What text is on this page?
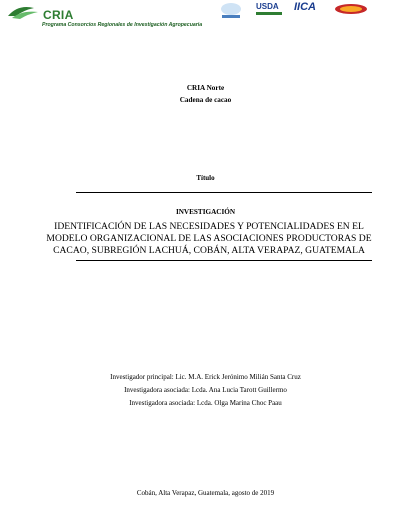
CRIA
Programa Consorcios Regionales de Investigación Agropecuaria
USDA	IICA
CRIA Norte
Cadena de cacao
Título
INVESTIGACIÓN
IDENTIFICACIÓN DE LAS NECESIDADES Y POTENCIALIDADES EN EL
MODELO ORGANIZACIONAL DE LAS ASOCIACIONES PRODUCTORAS DE
CACAO, SUBREGIÓN LACHUÁ, COBÁN, ALTA VERAPAZ, GUATEMALA
Investigador principal: Lic. M.A. Erick Jerónimo Milián Santa Cruz
Investigadora asociada: Lcda. Ana Lucia Tarott Guillermo
Investigadora asociada: Lcda. Olga Marina Choc Paau
Cobán, Alta Verapaz, Guatemala, agosto de 2019
